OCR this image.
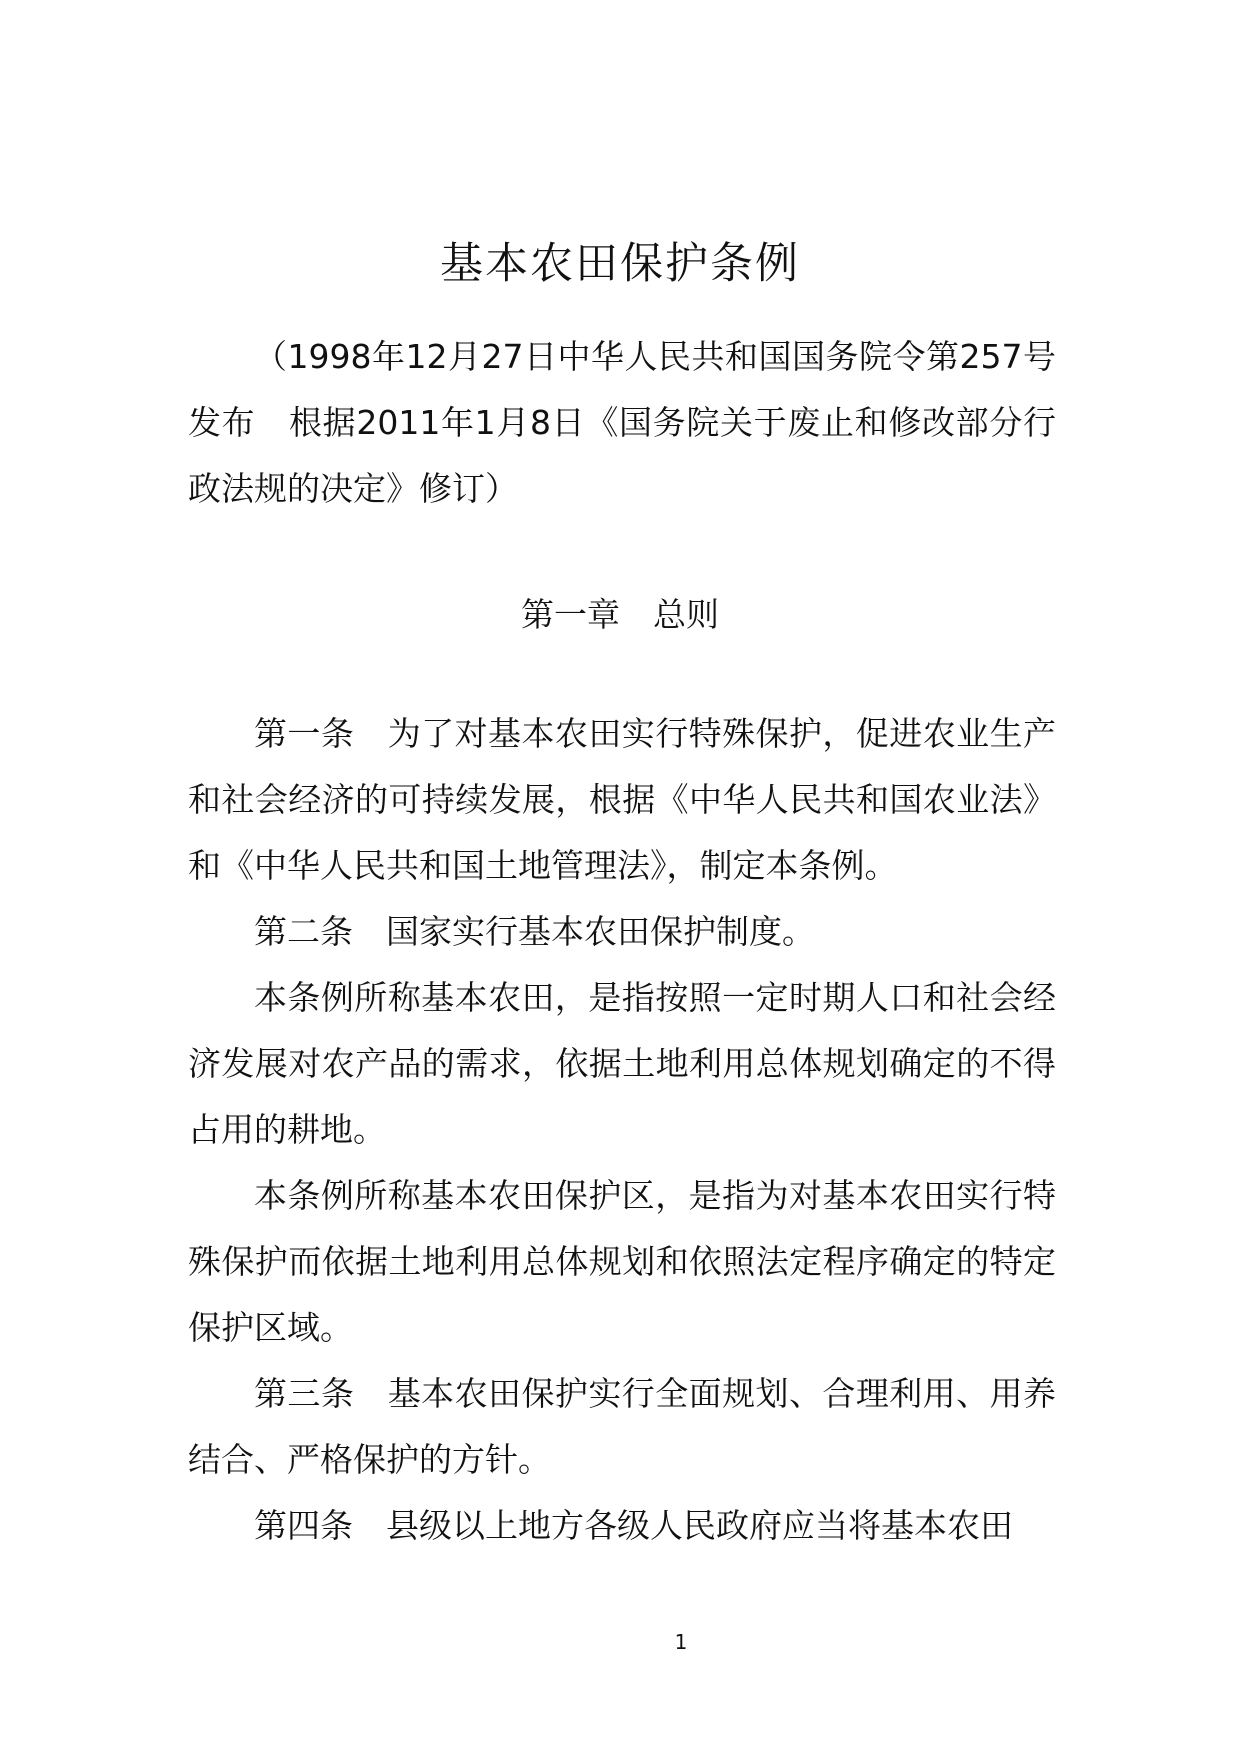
基本农田保护条例

（1998年12月27日中华人民共和国国务院令第257号发布　根据2011年1月8日《国务院关于废止和修改部分行政法规的决定》修订）

第一章　总则

第一条　为了对基本农田实行特殊保护，促进农业生产和社会经济的可持续发展，根据《中华人民共和国农业法》和《中华人民共和国土地管理法》，制定本条例。

第二条　国家实行基本农田保护制度。

本条例所称基本农田，是指按照一定时期人口和社会经济发展对农产品的需求，依据土地利用总体规划确定的不得占用的耕地。

本条例所称基本农田保护区，是指为对基本农田实行特殊保护而依据土地利用总体规划和依照法定程序确定的特定保护区域。

第三条　基本农田保护实行全面规划、合理利用、用养结合、严格保护的方针。

第四条　县级以上地方各级人民政府应当将基本农田

1
